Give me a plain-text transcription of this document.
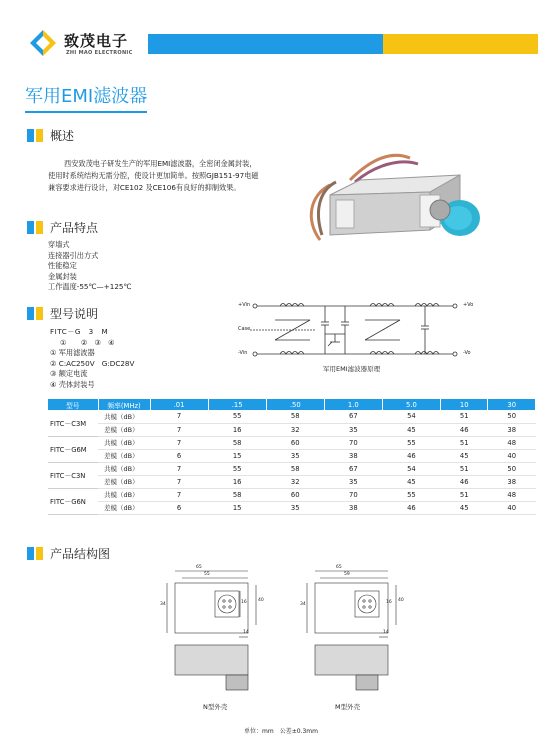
致茂电子
ZHI MAO ELECTRONIC
军用EMI滤波器
概述
西安致茂电子研发生产的军用EMI滤波器，全密闭金属封装，使用时系统结构无需分腔，使设计更加简单。按照GJB151-97电磁兼容要求进行设计，对CE102 及CE106有良好的抑制效果。
产品特点
穿墙式
连接器引出方式
性能稳定
金属封装
工作温度-55℃—+125℃
型号说明
FITC－G　3　M
①　　②　③　④
① 军用滤波器
② C:AC250V　G:DC28V
③ 额定电流
④ 壳体封装号
+Vin
Case
-Vin
+Vo
-Vo
军用EMI滤波器原理
型号	频率(MHz)	.01	.15	.50	1.0	5.0	10	30
FITC－C3M	共模（dB）	7	55	58	67	54	51	50
	差模（dB）	7	16	32	35	45	46	38
FITC－G6M	共模（dB）	7	58	60	70	55	51	48
	差模（dB）	6	15	35	38	46	45	40
FITC－C3N	共模（dB）	7	55	58	67	54	51	50
	差模（dB）	7	16	32	35	45	46	38
FITC－G6N	共模（dB）	7	58	60	70	55	51	48
	差模（dB）	6	15	35	38	46	45	40
产品结构图
65
55
34
40
16
14
N型外壳
65
59
34
40
16
14
M型外壳
单位：mm　公差±0.3mm
